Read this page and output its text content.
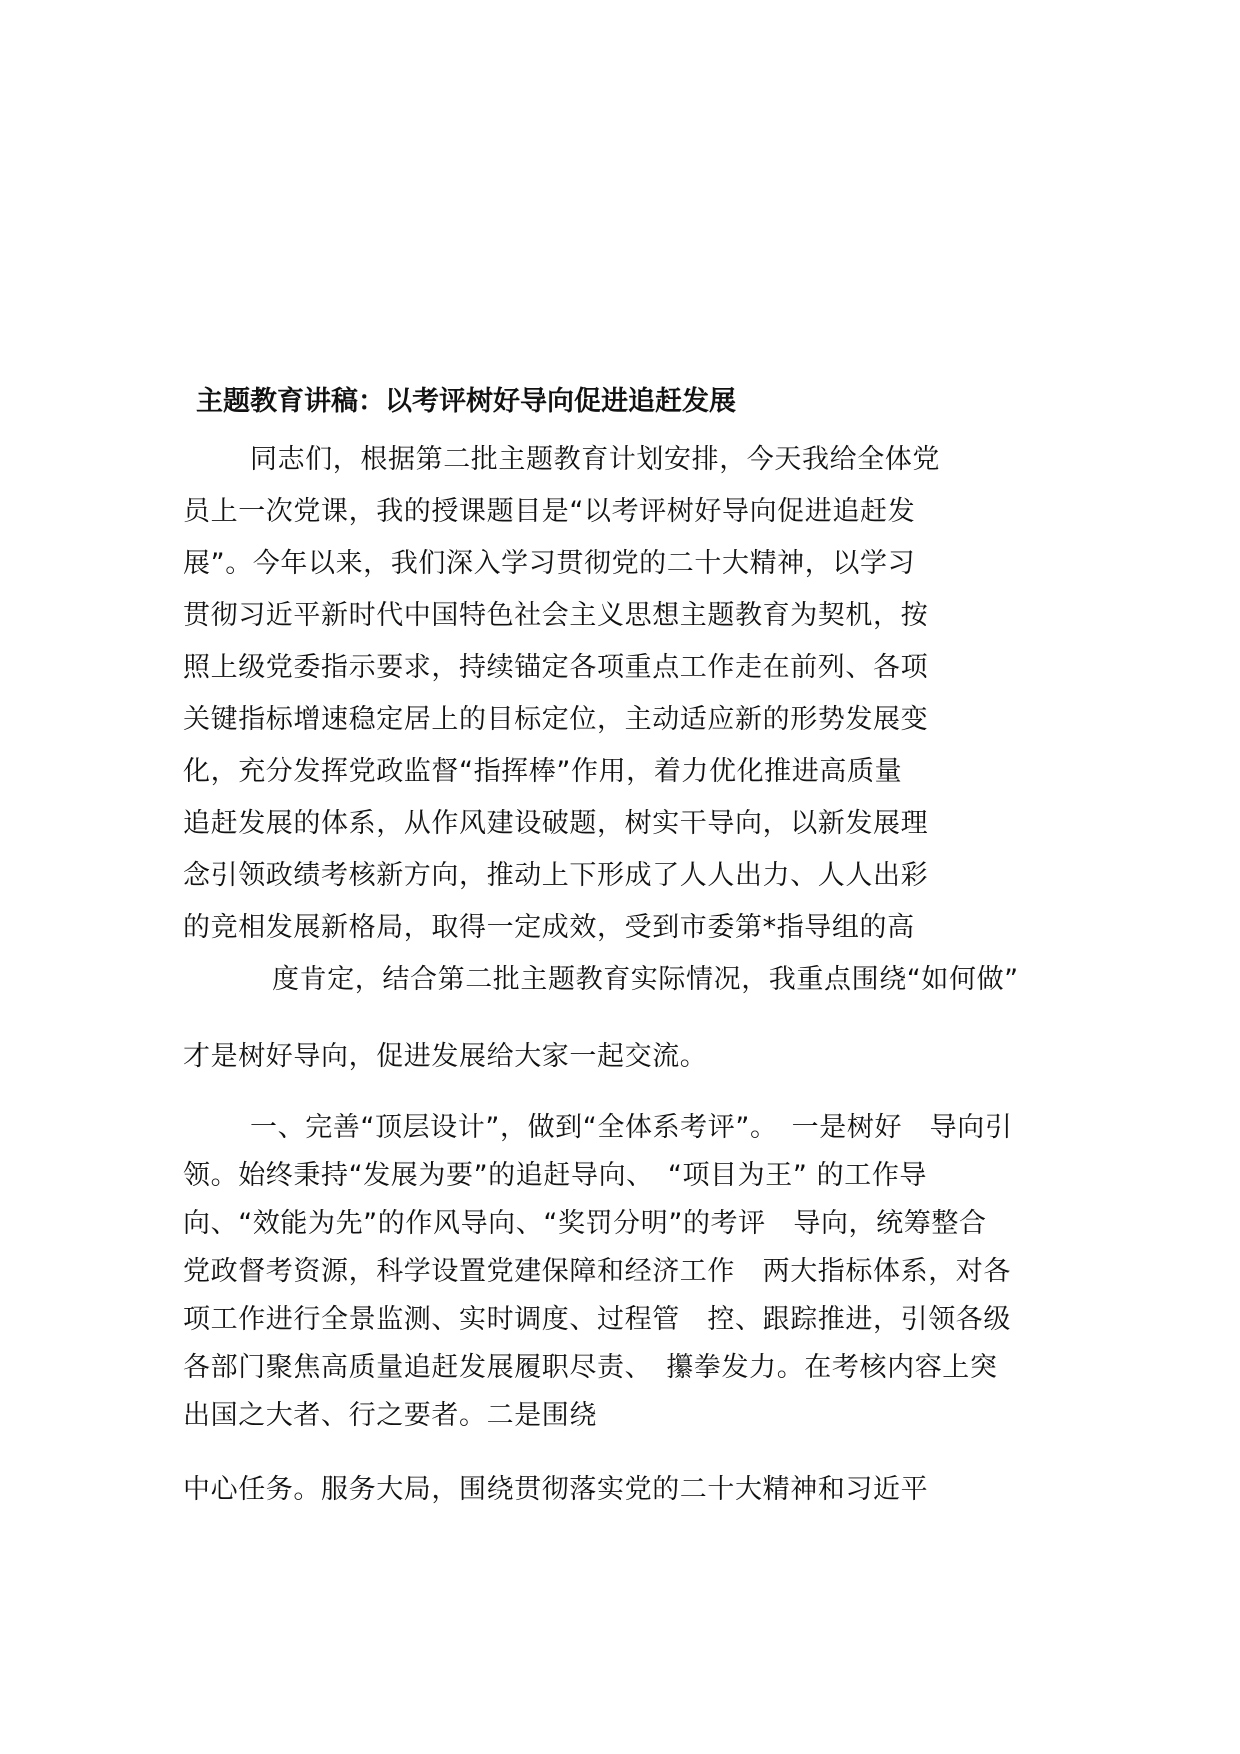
主题教育讲稿：以考评树好导向促进追赶发展
同志们，根据第二批主题教育计划安排，今天我给全体党
员上一次党课，我的授课题目是“以考评树好导向促进追赶发
展”。今年以来，我们深入学习贯彻党的二十大精神，以学习
贯彻习近平新时代中国特色社会主义思想主题教育为契机，按
照上级党委指示要求，持续锚定各项重点工作走在前列、各项
关键指标增速稳定居上的目标定位，主动适应新的形势发展变
化，充分发挥党政监督“指挥棒”作用，着力优化推进高质量
追赶发展的体系，从作风建设破题，树实干导向，以新发展理
念引领政绩考核新方向，推动上下形成了人人出力、人人出彩
的竞相发展新格局，取得一定成效，受到市委第*指导组的高
度肯定，结合第二批主题教育实际情况，我重点围绕“如何做”
才是树好导向，促进发展给大家一起交流。
一、完善“顶层设计”，做到“全体系考评”。　一是树好　导向引
领。始终秉持“发展为要”的追赶导向、　“项目为王” 的工作导
向、“效能为先”的作风导向、“奖罚分明”的考评　导向，统筹整合
党政督考资源，科学设置党建保障和经济工作　两大指标体系，对各
项工作进行全景监测、实时调度、过程管　控、跟踪推进，引领各级
各部门聚焦高质量追赶发展履职尽责、　攥拳发力。在考核内容上突
出国之大者、行之要者。二是围绕
中心任务。服务大局，围绕贯彻落实党的二十大精神和习近平
